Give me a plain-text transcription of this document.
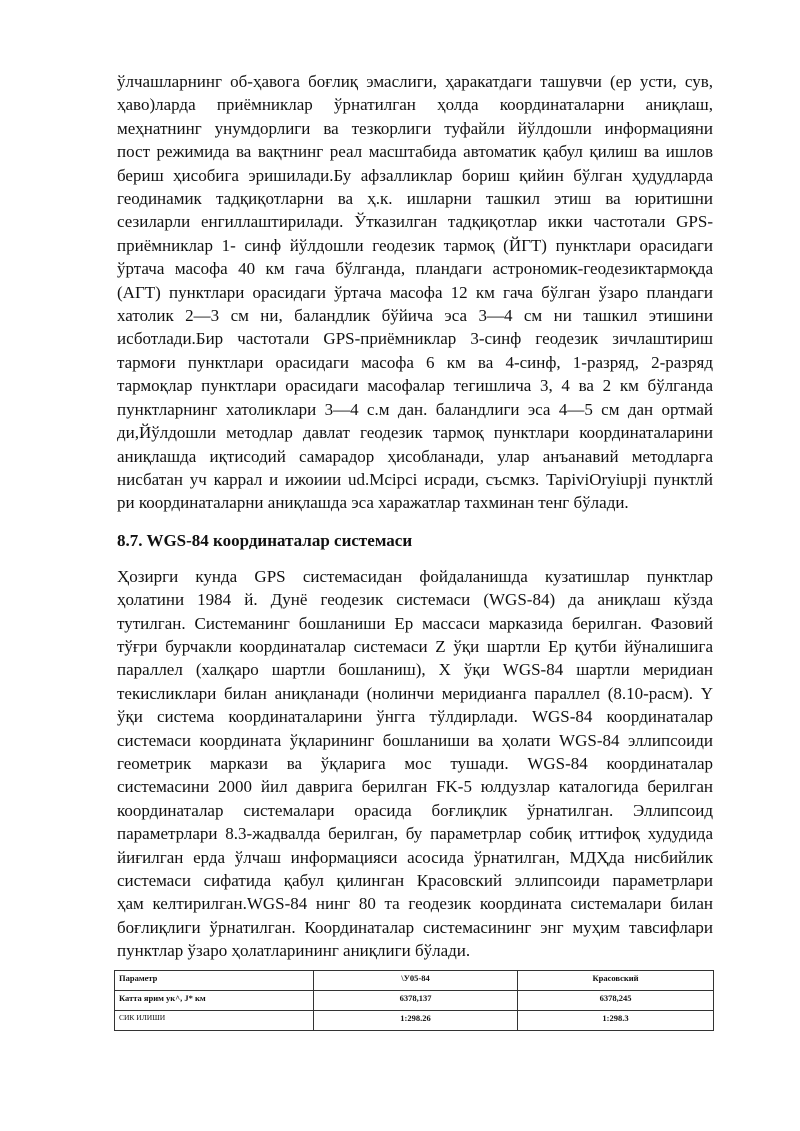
ўлчашларнинг об-ҳавога боғлиқ эмаслиги, ҳаракатдаги ташувчи (ер усти, сув,
ҳаво)ларда приёмниклар ўрнатилган ҳолда координаталарни аниқлаш,
меҳнатнинг унумдорлиги ва тезкорлиги туфайли йўлдошли информацияни
пост режимида ва вақтнинг реал масштабида автоматик қабул қилиш ва ишлов
бериш ҳисобига эришилади.Бу афзалликлар бориш қийин бўлган ҳудудларда
геодинамик тадқиқотларни ва ҳ.к. ишларни ташкил этиш ва юритишни
сезиларли енгиллаштирилади. Ўтказилган тадқиқотлар икки частотали GPS-
приёмниклар 1- синф йўлдошли геодезик тармоқ (ЙГТ) пунктлари орасидаги
ўртача масофа 40 км гача бўлганда, пландаги астрономик-геодезиктармоқда
(АГТ) пунктлари орасидаги ўртача масофа 12 км гача бўлган ўзаро пландаги
хатолик 2—3 см ни, баландлик бўйича эса 3—4 см ни ташкил этишини
исботлади.Бир частотали GPS-приёмниклар 3-синф геодезик зичлаштириш
тармоғи пунктлари орасидаги масофа 6 км ва 4-синф, 1-разряд, 2-разряд
тармоқлар пунктлари орасидаги масофалар тегишлича 3, 4 ва 2 км бўлганда
пунктларнинг хатоликлари 3—4 с.м дан. баландлиги эса 4—5 см дан ортмай
ди,Йўлдошли методлар давлат геодезик тармоқ пунктлари координаталарини
аниқлашда иқтисодий самарадор ҳисобланади, улар анъанавий методларга
нисбатан уч каррал и ижоиии ud.Mcipci исради, съсмкз. TapiviOryiupji пунктлй
ри координаталарни аниқлашда эса харажатлар тахминан тенг бўлади.

8.7. WGS-84 координаталар системаси

Ҳозирги кунда GPS системасидан фойдаланишда кузатишлар пунктлар
ҳолатини 1984 й. Дунё геодезик системаси (WGS-84) да аниқлаш кўзда
тутилган. Системанинг бошланиши Ер массаси марказида берилган. Фазовий
тўғри бурчакли координаталар системаси Z ўқи шартли Ер қутби йўналишига
параллел (халқаро шартли бошланиш), X ўқи WGS-84 шартли меридиан
текисликлари билан аниқланади (нолинчи меридианга параллел (8.10-расм). Y
ўқи система координаталарини ўнгга тўлдирлади. WGS-84 координаталар
системаси координата ўқларининг бошланиши ва ҳолати WGS-84 эллипсоиди
геометрик маркази ва ўқларига мос тушади. WGS-84 координаталар
системасини 2000 йил даврига берилган FK-5 юлдузлар каталогида берилган
координаталар системалари орасида боғлиқлик ўрнатилган. Эллипсоид
параметрлари 8.3-жадвалда берилган, бу параметрлар собиқ иттифоқ худудида
йиғилган ерда ўлчаш информацияси асосида ўрнатилган, МДҲда нисбийлик
системаси сифатида қабул қилинган Красовский эллипсоиди параметрлари
ҳам келтирилган.WGS-84 нинг 80 та геодезик координата системалари билан
боғлиқлиги ўрнатилган. Координаталар системасининг энг муҳим тавсифлари
пунктлар ўзаро ҳолатларининг аниқлиги бўлади.

Параметр	\У05-84	Красовский
Катта ярим ук^, J* км	6378,137	6378,245
СИК ИЛИШИ	1:298.26	1:298.3
